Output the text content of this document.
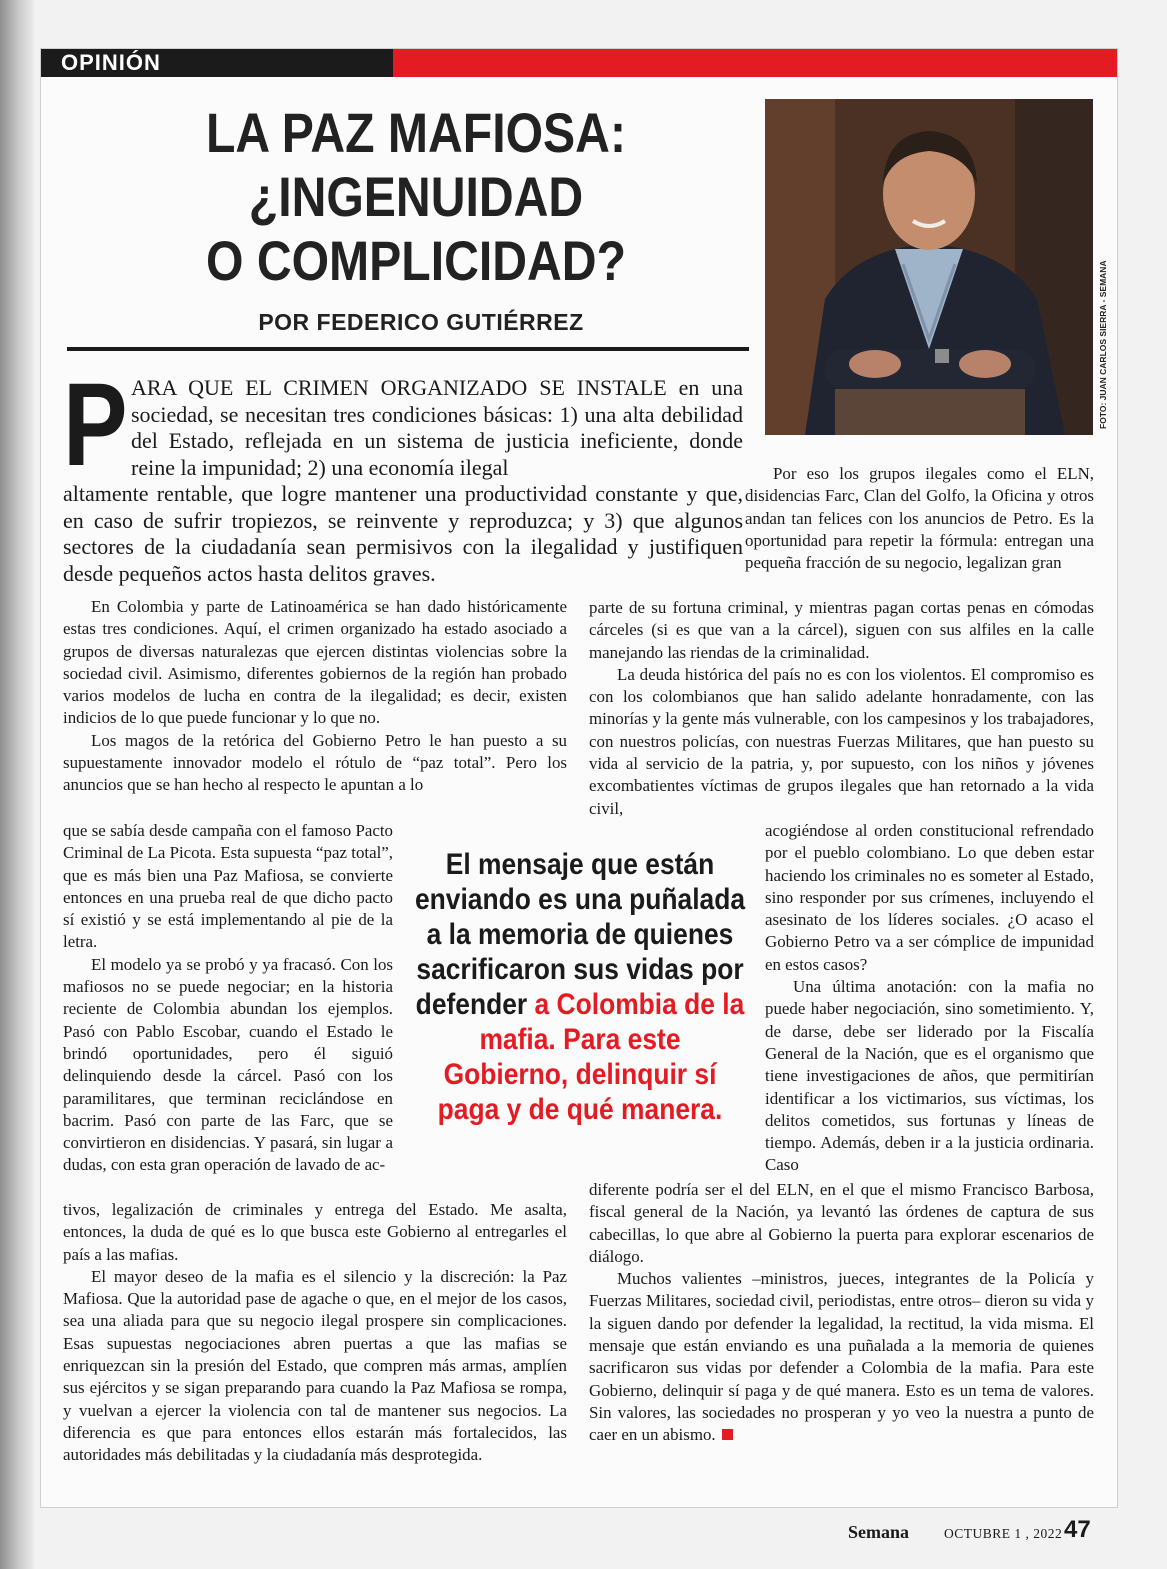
OPINIÓN
LA PAZ MAFIOSA:
¿INGENUIDAD
O COMPLICIDAD?
POR FEDERICO GUTIÉRREZ	FOTO: JUAN CARLOS SIERRA - SEMANA
P ARA QUE EL CRIMEN ORGANIZADO SE INSTALE en una sociedad, se necesitan tres condiciones básicas: 1) una alta debilidad del Estado, reflejada en un sistema de justicia ineficiente, donde reine la impunidad; 2) una economía ilegal

altamente rentable, que logre mantener una productividad constante y que, en caso de sufrir tropiezos, se reinvente y reproduzca; y 3) que algunos sectores de la ciudadanía sean permisivos con la ilegalidad y justifiquen desde pequeños actos hasta delitos graves.

En Colombia y parte de Latinoamérica se han dado históricamente estas tres condiciones. Aquí, el crimen organizado ha estado asociado a grupos de diversas naturalezas que ejercen distintas violencias sobre la sociedad civil. Asimismo, diferentes gobiernos de la región han probado varios modelos de lucha en contra de la ilegalidad; es decir, existen indicios de lo que puede funcionar y lo que no.

Los magos de la retórica del Gobierno Petro le han puesto a su supuestamente innovador modelo el rótulo de “paz total”. Pero los anuncios que se han hecho al respecto le apuntan a lo

que se sabía desde campaña con el famoso Pacto Criminal de La Picota. Esta supuesta “paz total”, que es más bien una Paz Mafiosa, se convierte entonces en una prueba real de que dicho pacto sí existió y se está implementando al pie de la letra.

El modelo ya se probó y ya fracasó. Con los mafiosos no se puede negociar; en la historia reciente de Colombia abundan los ejemplos. Pasó con Pablo Escobar, cuando el Estado le brindó oportunidades, pero él siguió delinquiendo desde la cárcel. Pasó con los paramilitares, que terminan reciclándose en bacrim. Pasó con parte de las Farc, que se convirtieron en disidencias. Y pasará, sin lugar a dudas, con esta gran operación de lavado de ac-

tivos, legalización de criminales y entrega del Estado. Me asalta, entonces, la duda de qué es lo que busca este Gobierno al entregarles el país a las mafias.

El mayor deseo de la mafia es el silencio y la discreción: la Paz Mafiosa. Que la autoridad pase de agache o que, en el mejor de los casos, sea una aliada para que su negocio ilegal prospere sin complicaciones. Esas supuestas negociaciones abren puertas a que las mafias se enriquezcan sin la presión del Estado, que compren más armas, amplíen sus ejércitos y se sigan preparando para cuando la Paz Mafiosa se rompa, y vuelvan a ejercer la violencia con tal de mantener sus negocios. La diferencia es que para entonces ellos estarán más fortalecidos, las autoridades más debilitadas y la ciudadanía más desprotegida.

Por eso los grupos ilegales como el ELN, disidencias Farc, Clan del Golfo, la Oficina y otros andan tan felices con los anuncios de Petro. Es la oportunidad para repetir la fórmula: entregan una pequeña fracción de su negocio, legalizan gran

parte de su fortuna criminal, y mientras pagan cortas penas en cómodas cárceles (si es que van a la cárcel), siguen con sus alfiles en la calle manejando las riendas de la criminalidad.

La deuda histórica del país no es con los violentos. El compromiso es con los colombianos que han salido adelante honradamente, con las minorías y la gente más vulnerable, con los campesinos y los trabajadores, con nuestros policías, con nuestras Fuerzas Militares, que han puesto su vida al servicio de la patria, y, por supuesto, con los niños y jóvenes excombatientes víctimas de grupos ilegales que han retornado a la vida civil,

acogiéndose al orden constitucional refrendado por el pueblo colombiano. Lo que deben estar haciendo los criminales no es someter al Estado, sino responder por sus crímenes, incluyendo el asesinato de los líderes sociales. ¿O acaso el Gobierno Petro va a ser cómplice de impunidad en estos casos?

Una última anotación: con la mafia no puede haber negociación, sino sometimiento. Y, de darse, debe ser liderado por la Fiscalía General de la Nación, que es el organismo que tiene investigaciones de años, que permitirían identificar a los victimarios, sus víctimas, los delitos cometidos, sus fortunas y líneas de tiempo. Además, deben ir a la justicia ordinaria. Caso

diferente podría ser el del ELN, en el que el mismo Francisco Barbosa, fiscal general de la Nación, ya levantó las órdenes de captura de sus cabecillas, lo que abre al Gobierno la puerta para explorar escenarios de diálogo.

Muchos valientes –ministros, jueces, integrantes de la Policía y Fuerzas Militares, sociedad civil, periodistas, entre otros– dieron su vida y la siguen dando por defender la legalidad, la rectitud, la vida misma. El mensaje que están enviando es una puñalada a la memoria de quienes sacrificaron sus vidas por defender a Colombia de la mafia. Para este Gobierno, delinquir sí paga y de qué manera. Esto es un tema de valores. Sin valores, las sociedades no prosperan y yo veo la nuestra a punto de caer en un abismo.

El mensaje que están enviando es una puñalada a la memoria de quienes sacrificaron sus vidas por defender a Colombia de la mafia. Para este Gobierno, delinquir sí paga y de qué manera.
Semana	OCTUBRE 1 , 2022 47
